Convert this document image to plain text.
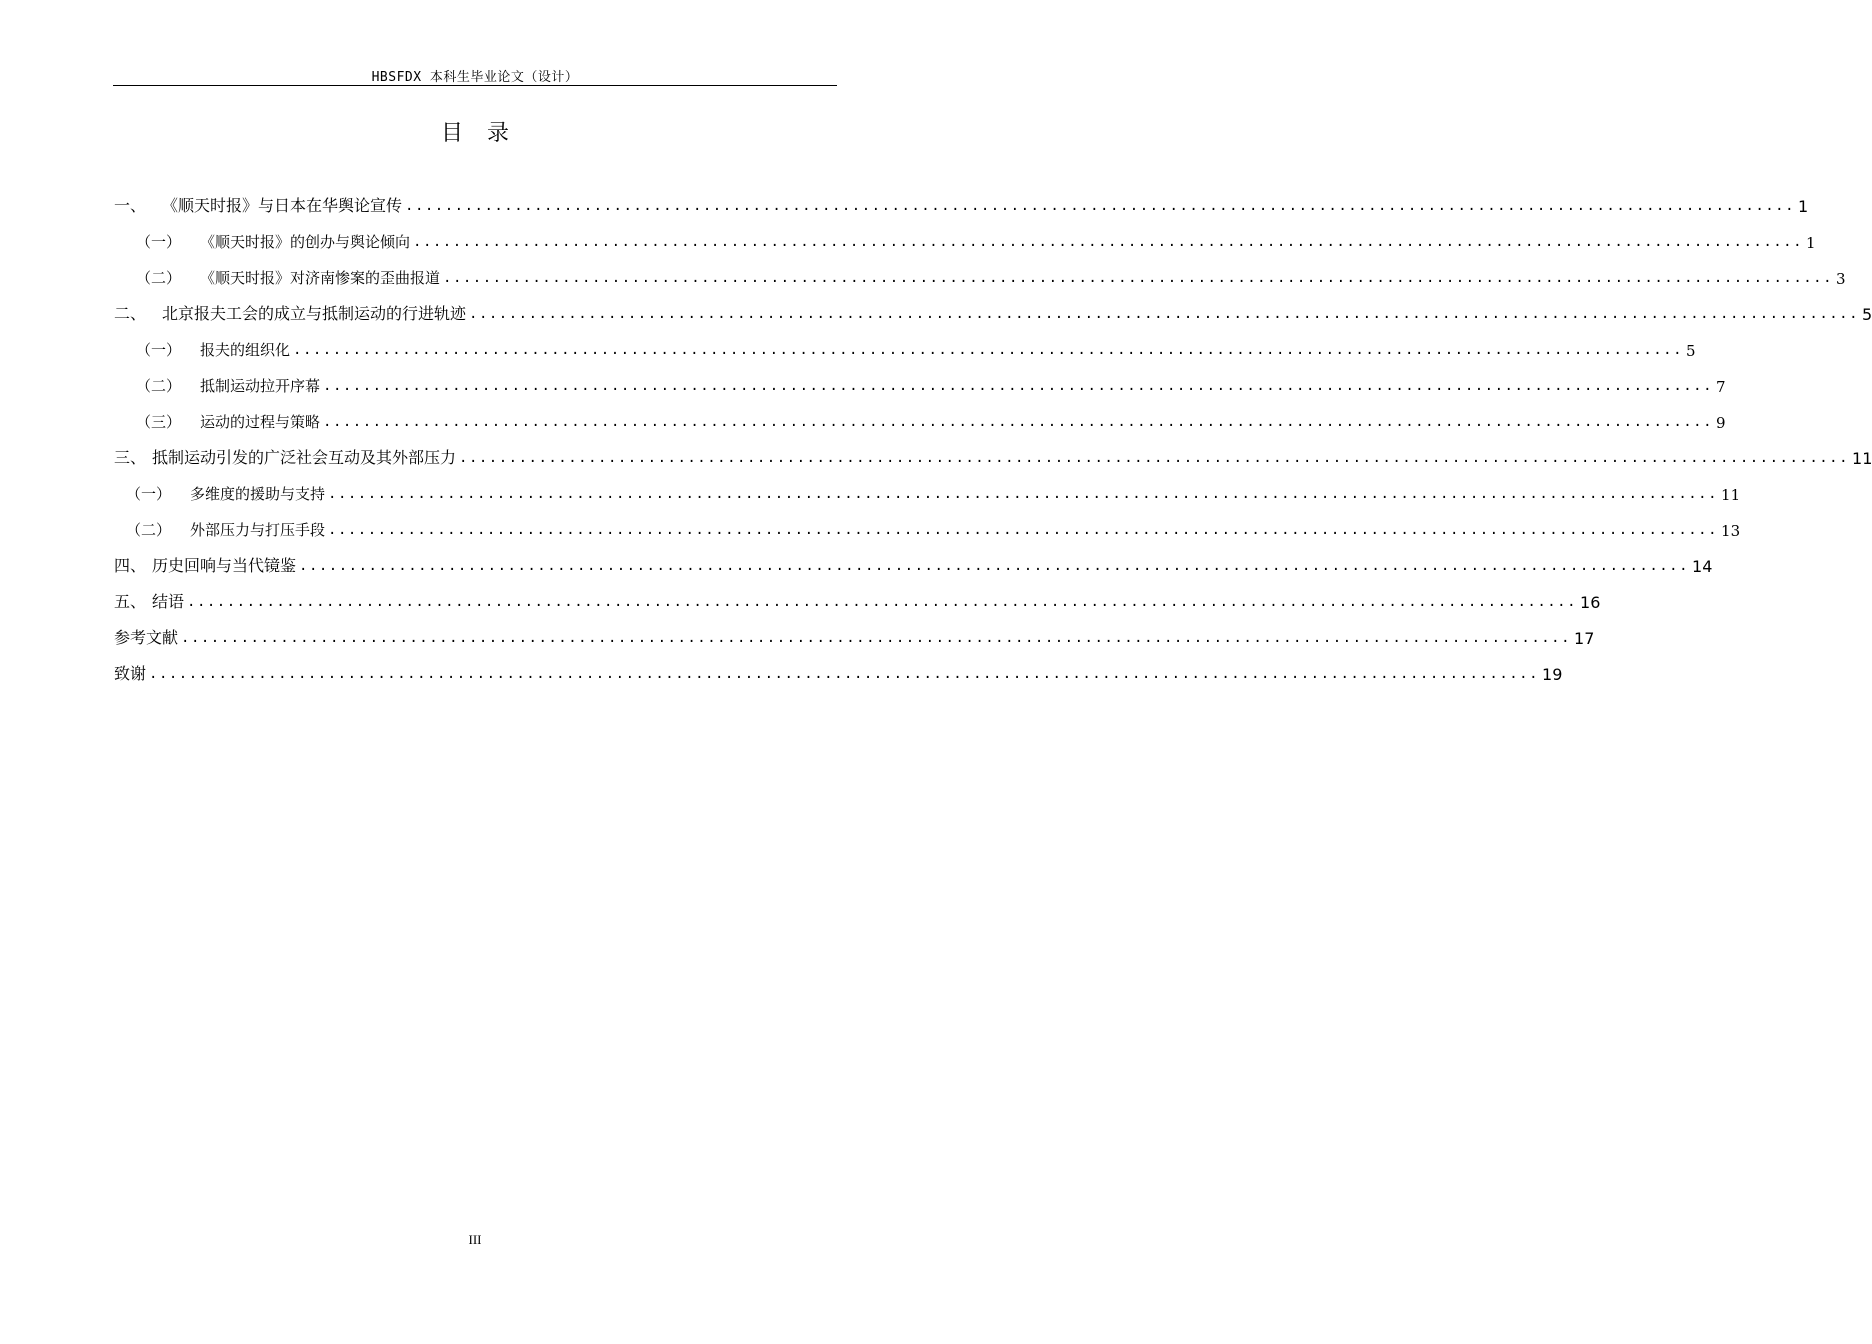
HBSFDX 本科生毕业论文（设计）
目录
一、 《顺天时报》与日本在华舆论宣传 ............................................................................................................................................ 1
（一）	《顺天时报》的创办与舆论倾向 ............................................................................................................................................ 1
（二）	《顺天时报》对济南惨案的歪曲报道 ............................................................................................................................................ 3
二、 北京报夫工会的成立与抵制运动的行进轨迹 ............................................................................................................................................ 5
（一）	报夫的组织化 ............................................................................................................................................ 5
（二）	抵制运动拉开序幕 ............................................................................................................................................ 7
（三）	运动的过程与策略 ............................................................................................................................................ 9
三、 抵制运动引发的广泛社会互动及其外部压力 ............................................................................................................................................ 11
（一）	多维度的援助与支持 ............................................................................................................................................ 11
（二）	外部压力与打压手段 ............................................................................................................................................ 13
四、 历史回响与当代镜鉴 ............................................................................................................................................ 14
五、 结语 ............................................................................................................................................ 16
参考文献 ............................................................................................................................................ 17
致谢 ............................................................................................................................................ 19
III
